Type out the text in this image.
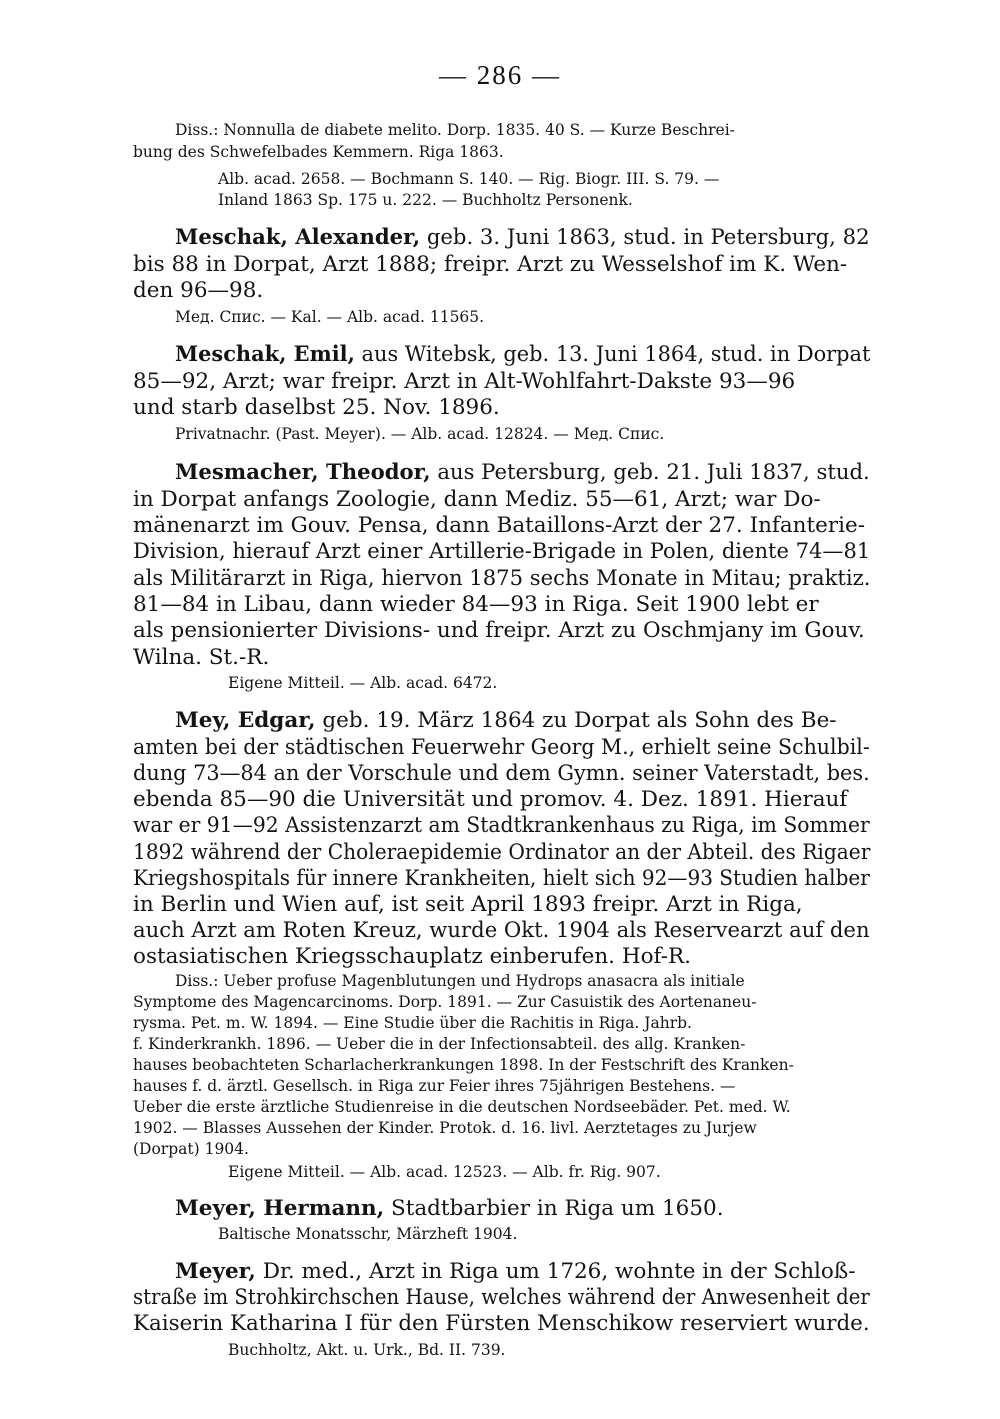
— 286 —
Diss.: Nonnulla de diabete melito. Dorp. 1835. 40 S. — Kurze Beschrei-
bung des Schwefelbades Kemmern. Riga 1863.
Alb. acad. 2658. — Bochmann S. 140. — Rig. Biogr. III. S. 79. —
Inland 1863 Sp. 175 u. 222. — Buchholtz Personenk.
Meschak, Alexander, geb. 3. Juni 1863, stud. in Petersburg, 82
bis 88 in Dorpat, Arzt 1888; freipr. Arzt zu Wesselshof im K. Wen-
den 96—98.
Мед. Спис. — Kal. — Alb. acad. 11565.
Meschak, Emil, aus Witebsk, geb. 13. Juni 1864, stud. in Dorpat
85—92, Arzt; war freipr. Arzt in Alt-Wohlfahrt-Dakste 93—96
und starb daselbst 25. Nov. 1896.
Privatnachr. (Past. Meyer). — Alb. acad. 12824. — Мед. Спис.
Mesmacher, Theodor, aus Petersburg, geb. 21. Juli 1837, stud.
in Dorpat anfangs Zoologie, dann Mediz. 55—61, Arzt; war Do-
mänenarzt im Gouv. Pensa, dann Bataillons-Arzt der 27. Infanterie-
Division, hierauf Arzt einer Artillerie-Brigade in Polen, diente 74—81
als Militärarzt in Riga, hiervon 1875 sechs Monate in Mitau; praktiz.
81—84 in Libau, dann wieder 84—93 in Riga. Seit 1900 lebt er
als pensionierter Divisions- und freipr. Arzt zu Oschmjany im Gouv.
Wilna. St.-R.
Eigene Mitteil. — Alb. acad. 6472.
Mey, Edgar, geb. 19. März 1864 zu Dorpat als Sohn des Be-
amten bei der städtischen Feuerwehr Georg M., erhielt seine Schulbil-
dung 73—84 an der Vorschule und dem Gymn. seiner Vaterstadt, bes.
ebenda 85—90 die Universität und promov. 4. Dez. 1891. Hierauf
war er 91—92 Assistenzarzt am Stadtkrankenhaus zu Riga, im Sommer
1892 während der Choleraepidemie Ordinator an der Abteil. des Rigaer
Kriegshospitals für innere Krankheiten, hielt sich 92—93 Studien halber
in Berlin und Wien auf, ist seit April 1893 freipr. Arzt in Riga,
auch Arzt am Roten Kreuz, wurde Okt. 1904 als Reservearzt auf den
ostasiatischen Kriegsschauplatz einberufen. Hof-R.
Diss.: Ueber profuse Magenblutungen und Hydrops anasacra als initiale
Symptome des Magencarcinoms. Dorp. 1891. — Zur Casuistik des Aortenaneu-
rysma. Pet. m. W. 1894. — Eine Studie über die Rachitis in Riga. Jahrb.
f. Kinderkrankh. 1896. — Ueber die in der Infectionsabteil. des allg. Kranken-
hauses beobachteten Scharlacherkrankungen 1898. In der Festschrift des Kranken-
hauses f. d. ärztl. Gesellsch. in Riga zur Feier ihres 75jährigen Bestehens. —
Ueber die erste ärztliche Studienreise in die deutschen Nordseebäder. Pet. med. W.
1902. — Blasses Aussehen der Kinder. Protok. d. 16. livl. Aerztetages zu Jurjew
(Dorpat) 1904.
Eigene Mitteil. — Alb. acad. 12523. — Alb. fr. Rig. 907.
Meyer, Hermann, Stadtbarbier in Riga um 1650.
Baltische Monatsschr, Märzheft 1904.
Meyer, Dr. med., Arzt in Riga um 1726, wohnte in der Schloß-
straße im Strohkirchschen Hause, welches während der Anwesenheit der
Kaiserin Katharina I für den Fürsten Menschikow reserviert wurde.
Buchholtz, Akt. u. Urk., Bd. II. 739.
